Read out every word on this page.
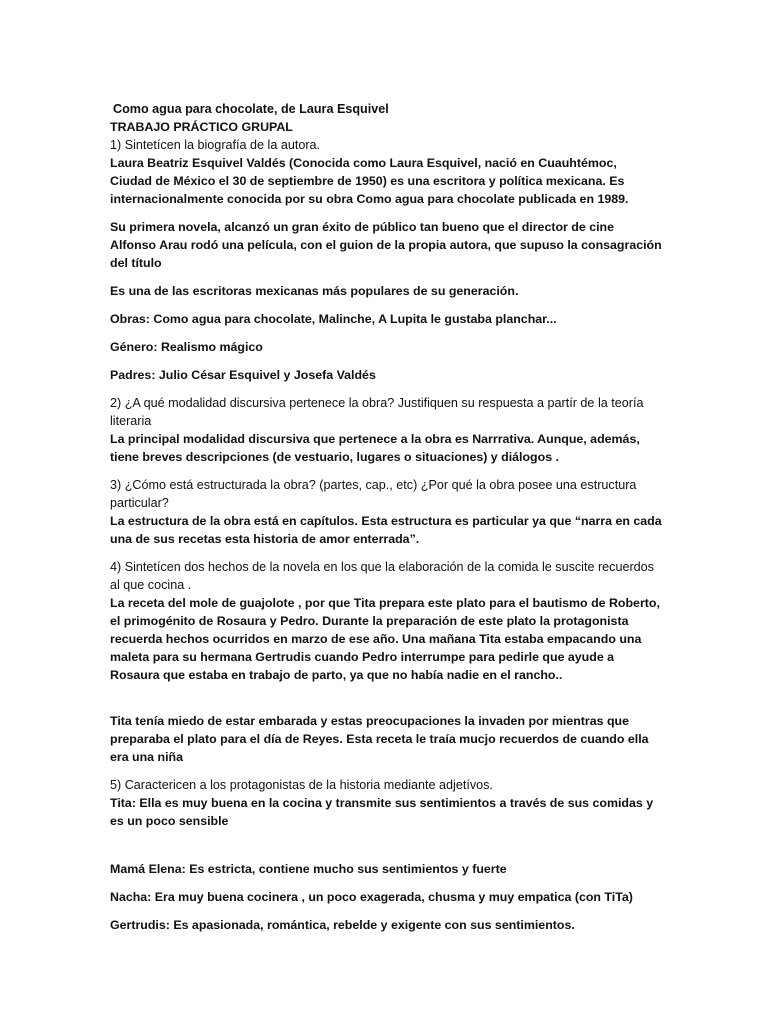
Como agua para chocolate, de Laura Esquivel
TRABAJO PRÁCTICO GRUPAL
1) Sintetícen la biografía de la autora.
Laura Beatriz Esquivel Valdés (Conocida como Laura Esquivel, nació en Cuauhtémoc, Ciudad de México el 30 de septiembre de 1950) es una escritora y política mexicana. Es internacionalmente conocida por su obra Como agua para chocolate publicada en 1989.
Su primera novela, alcanzó un gran éxito de público tan bueno que el director de cine Alfonso Arau rodó una película, con el guion de la propia autora, que supuso la consagración del título
Es una de las escritoras mexicanas más populares de su generación.
Obras: Como agua para chocolate, Malinche, A Lupita le gustaba planchar...
Género: Realismo mágico
Padres: Julio César Esquivel y Josefa Valdés
2) ¿A qué modalidad discursiva pertenece la obra? Justifiquen su respuesta a partír de la teoría literaria
La principal modalidad discursiva que pertenece a la obra es Narrrativa. Aunque, además, tiene breves descripciones (de vestuario, lugares o situaciones) y diálogos .
3) ¿Cómo está estructurada la obra? (partes, cap., etc) ¿Por qué la obra posee una estructura particular?
La estructura de la obra está en capítulos. Esta estructura es particular ya que “narra en cada una de sus recetas esta historia de amor enterrada”.
4) Sintetícen dos hechos de la novela en los que la elaboración de la comida le suscite recuerdos al que cocina .
La receta del mole de guajolote , por que Tita prepara este plato para el bautismo de Roberto, el primogénito de Rosaura y Pedro. Durante la preparación de este plato la protagonista recuerda hechos ocurridos en marzo de ese año. Una mañana Tita estaba empacando una maleta para su hermana Gertrudis cuando Pedro interrumpe para pedirle que ayude a Rosaura que estaba en trabajo de parto, ya que no había nadie en el rancho..
Tita tenía miedo de estar embarada y estas preocupaciones la invaden por mientras que preparaba el plato para el día de Reyes. Esta receta le traía mucjo recuerdos de cuando ella era una niña
5) Caractericen a los protagonistas de la historia mediante adjetívos.
Tita: Ella es muy buena en la cocina y transmite sus sentimientos a través de sus comidas y es un poco sensible
Mamá Elena: Es estricta, contiene mucho sus sentimientos y fuerte
Nacha: Era muy buena cocinera , un poco exagerada, chusma y muy empatica (con TiTa)
Gertrudis: Es apasionada, romántica, rebelde y exigente con sus sentimientos.
